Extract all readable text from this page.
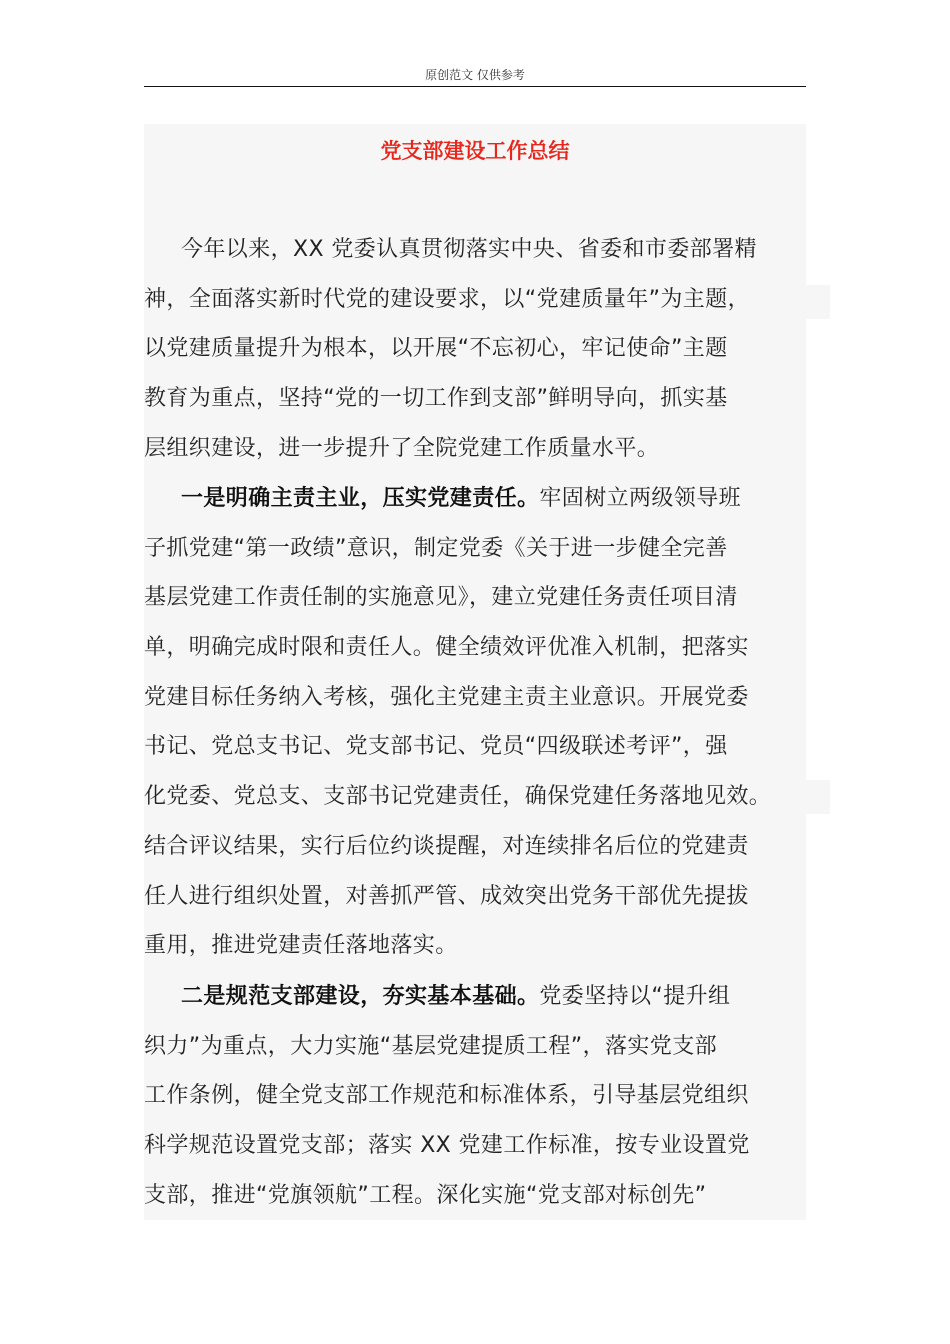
原创范文 仅供参考
党支部建设工作总结
今年以来，XX 党委认真贯彻落实中央、省委和市委部署精
神，全面落实新时代党的建设要求，以“党建质量年”为主题，
以党建质量提升为根本，以开展“不忘初心，牢记使命”主题
教育为重点，坚持“党的一切工作到支部”鲜明导向，抓实基
层组织建设，进一步提升了全院党建工作质量水平。
一是明确主责主业，压实党建责任。牢固树立两级领导班
子抓党建“第一政绩”意识，制定党委《关于进一步健全完善
基层党建工作责任制的实施意见》，建立党建任务责任项目清
单，明确完成时限和责任人。健全绩效评优准入机制，把落实
党建目标任务纳入考核，强化主党建主责主业意识。开展党委
书记、党总支书记、党支部书记、党员“四级联述考评”，强
化党委、党总支、支部书记党建责任，确保党建任务落地见效。
结合评议结果，实行后位约谈提醒，对连续排名后位的党建责
任人进行组织处置，对善抓严管、成效突出党务干部优先提拔
重用，推进党建责任落地落实。
二是规范支部建设，夯实基本基础。党委坚持以“提升组
织力”为重点，大力实施“基层党建提质工程”，落实党支部
工作条例，健全党支部工作规范和标准体系，引导基层党组织
科学规范设置党支部；落实 XX 党建工作标准，按专业设置党
支部，推进“党旗领航”工程。深化实施“党支部对标创先”
